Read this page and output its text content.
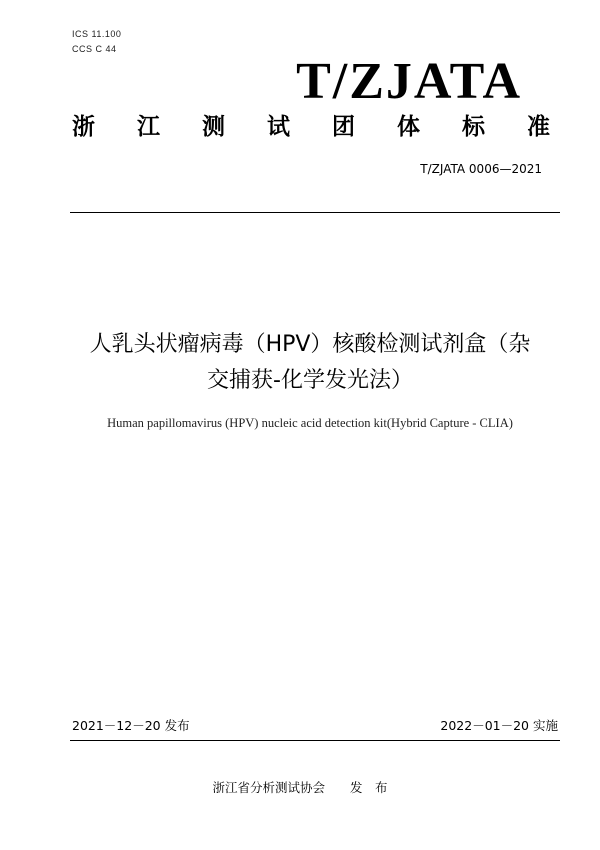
ICS 11.100
CCS C 44
T/ZJATA
浙 江 测 试 团 体 标 准
T/ZJATA 0006—2021
人乳头状瘤病毒（HPV）核酸检测试剂盒（杂
交捕获-化学发光法）
Human papillomavirus (HPV) nucleic acid detection kit(Hybrid Capture - CLIA)
2021－12－20 发布	2022－01－20 实施
浙江省分析测试协会　　发　布
